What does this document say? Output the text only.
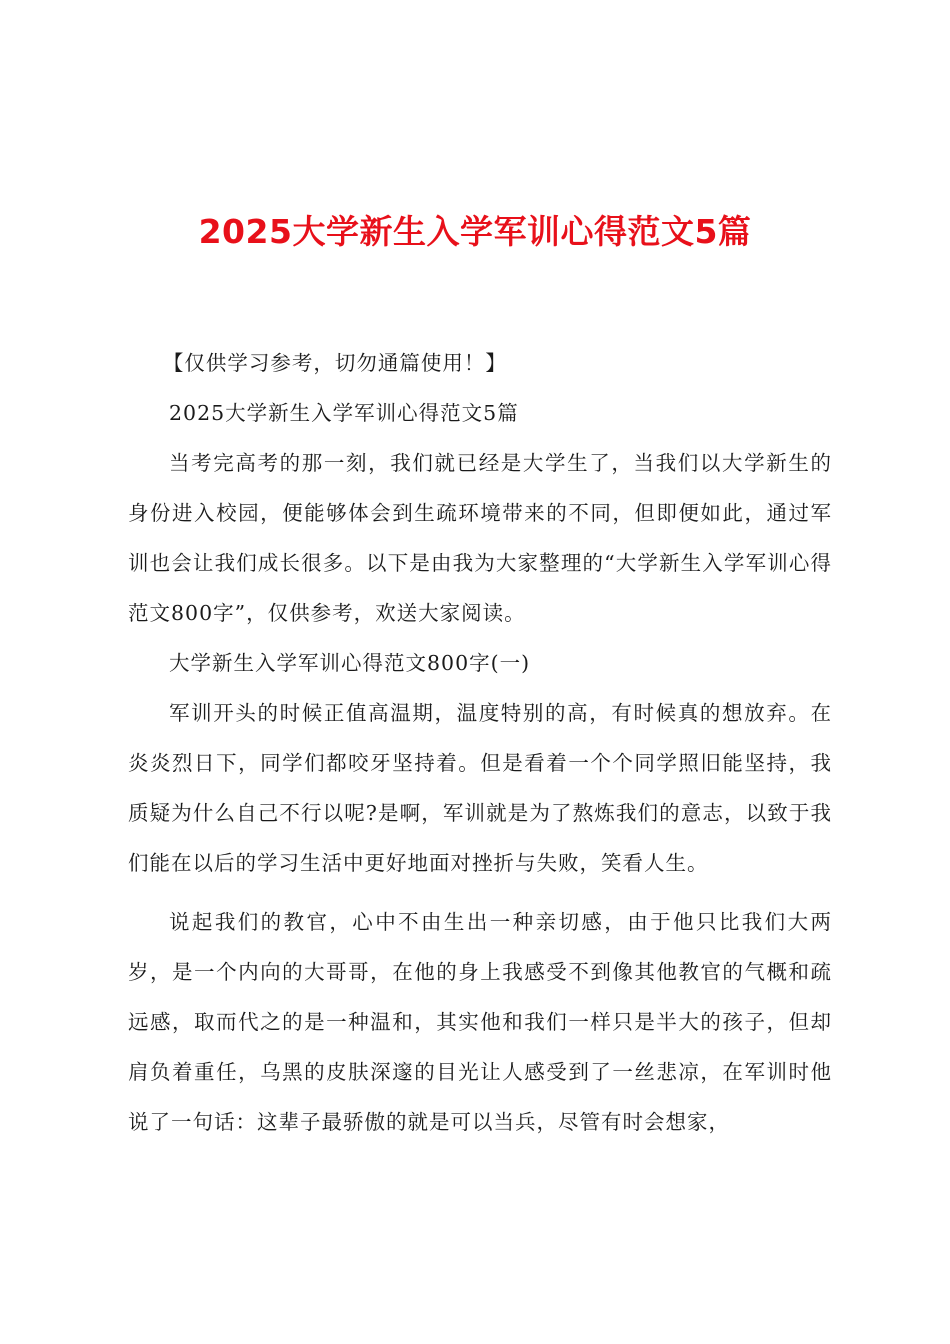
2025大学新生入学军训心得范文5篇

【仅供学习参考，切勿通篇使用！】

2025大学新生入学军训心得范文5篇

当考完高考的那一刻，我们就已经是大学生了，当我们以大学新生的身份进入校园，便能够体会到生疏环境带来的不同，但即便如此，通过军训也会让我们成长很多。以下是由我为大家整理的“大学新生入学军训心得范文800字”，仅供参考，欢送大家阅读。

大学新生入学军训心得范文800字(一)

军训开头的时候正值高温期，温度特别的高，有时候真的想放弃。在炎炎烈日下，同学们都咬牙坚持着。但是看着一个个同学照旧能坚持，我质疑为什么自己不行以呢?是啊，军训就是为了熬炼我们的意志，以致于我们能在以后的学习生活中更好地面对挫折与失败，笑看人生。

说起我们的教官，心中不由生出一种亲切感，由于他只比我们大两岁，是一个内向的大哥哥，在他的身上我感受不到像其他教官的气概和疏远感，取而代之的是一种温和，其实他和我们一样只是半大的孩子，但却肩负着重任，乌黑的皮肤深邃的目光让人感受到了一丝悲凉，在军训时他说了一句话：这辈子最骄傲的就是可以当兵，尽管有时会想家，
